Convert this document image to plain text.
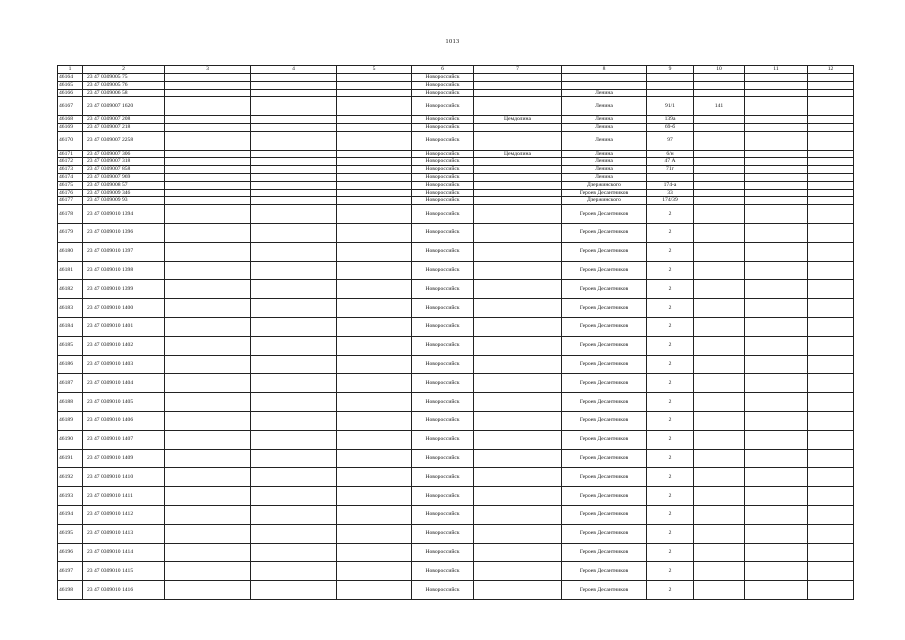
1013
1	2	3	4	5	6	7	8	9	10	11	12
46164	23 47 0309005 75				Новороссийск						
46165	23 47 0309005 76				Новороссийск						
46166	23 47 0309006 58				Новороссийск		Ленина				
46167	23 47 0309007 1620				Новороссийск		Ленина	91/1	141		
46168	23 47 0309007 208				Новороссийск	Цемдолина	Ленина	139а			
46169	23 47 0309007 218				Новороссийск		Ленина	69-б			
46170	23 47 0309007 2258				Новороссийск		Ленина	97			
46171	23 47 0309007 306				Новороссийск	Цемдолина	Ленина	6/н			
46172	23 47 0309007 318				Новороссийск		Ленина	47 А			
46173	23 47 0309007 858				Новороссийск		Ленина	71г			
46174	23 47 0309007 969				Новороссийск		Ленина				
46175	23 47 0309008 57				Новороссийск		Дзержинского	174-а			
46176	23 47 0309009 346				Новороссийск		Героев Десантников	33			
46177	23 47 0309009 93				Новороссийск		Дзержинского	174/39			
46178	23 47 0309010 1394				Новороссийск		Героев Десантников	2			
46179	23 47 0309010 1396				Новороссийск		Героев Десантников	2			
46180	23 47 0309010 1397				Новороссийск		Героев Десантников	2			
46181	23 47 0309010 1398				Новороссийск		Героев Десантников	2			
46182	23 47 0309010 1399				Новороссийск		Героев Десантников	2			
46183	23 47 0309010 1400				Новороссийск		Героев Десантников	2			
46184	23 47 0309010 1401				Новороссийск		Героев Десантников	2			
46185	23 47 0309010 1402				Новороссийск		Героев Десантников	2			
46186	23 47 0309010 1403				Новороссийск		Героев Десантников	2			
46187	23 47 0309010 1404				Новороссийск		Героев Десантников	2			
46188	23 47 0309010 1405				Новороссийск		Героев Десантников	2			
46189	23 47 0309010 1406				Новороссийск		Героев Десантников	2			
46190	23 47 0309010 1407				Новороссийск		Героев Десантников	2			
46191	23 47 0309010 1409				Новороссийск		Героев Десантников	2			
46192	23 47 0309010 1410				Новороссийск		Героев Десантников	2			
46193	23 47 0309010 1411				Новороссийск		Героев Десантников	2			
46194	23 47 0309010 1412				Новороссийск		Героев Десантников	2			
46195	23 47 0309010 1413				Новороссийск		Героев Десантников	2			
46196	23 47 0309010 1414				Новороссийск		Героев Десантников	2			
46197	23 47 0309010 1415				Новороссийск		Героев Десантников	2			
46198	23 47 0309010 1416				Новороссийск		Героев Десантников	2			
